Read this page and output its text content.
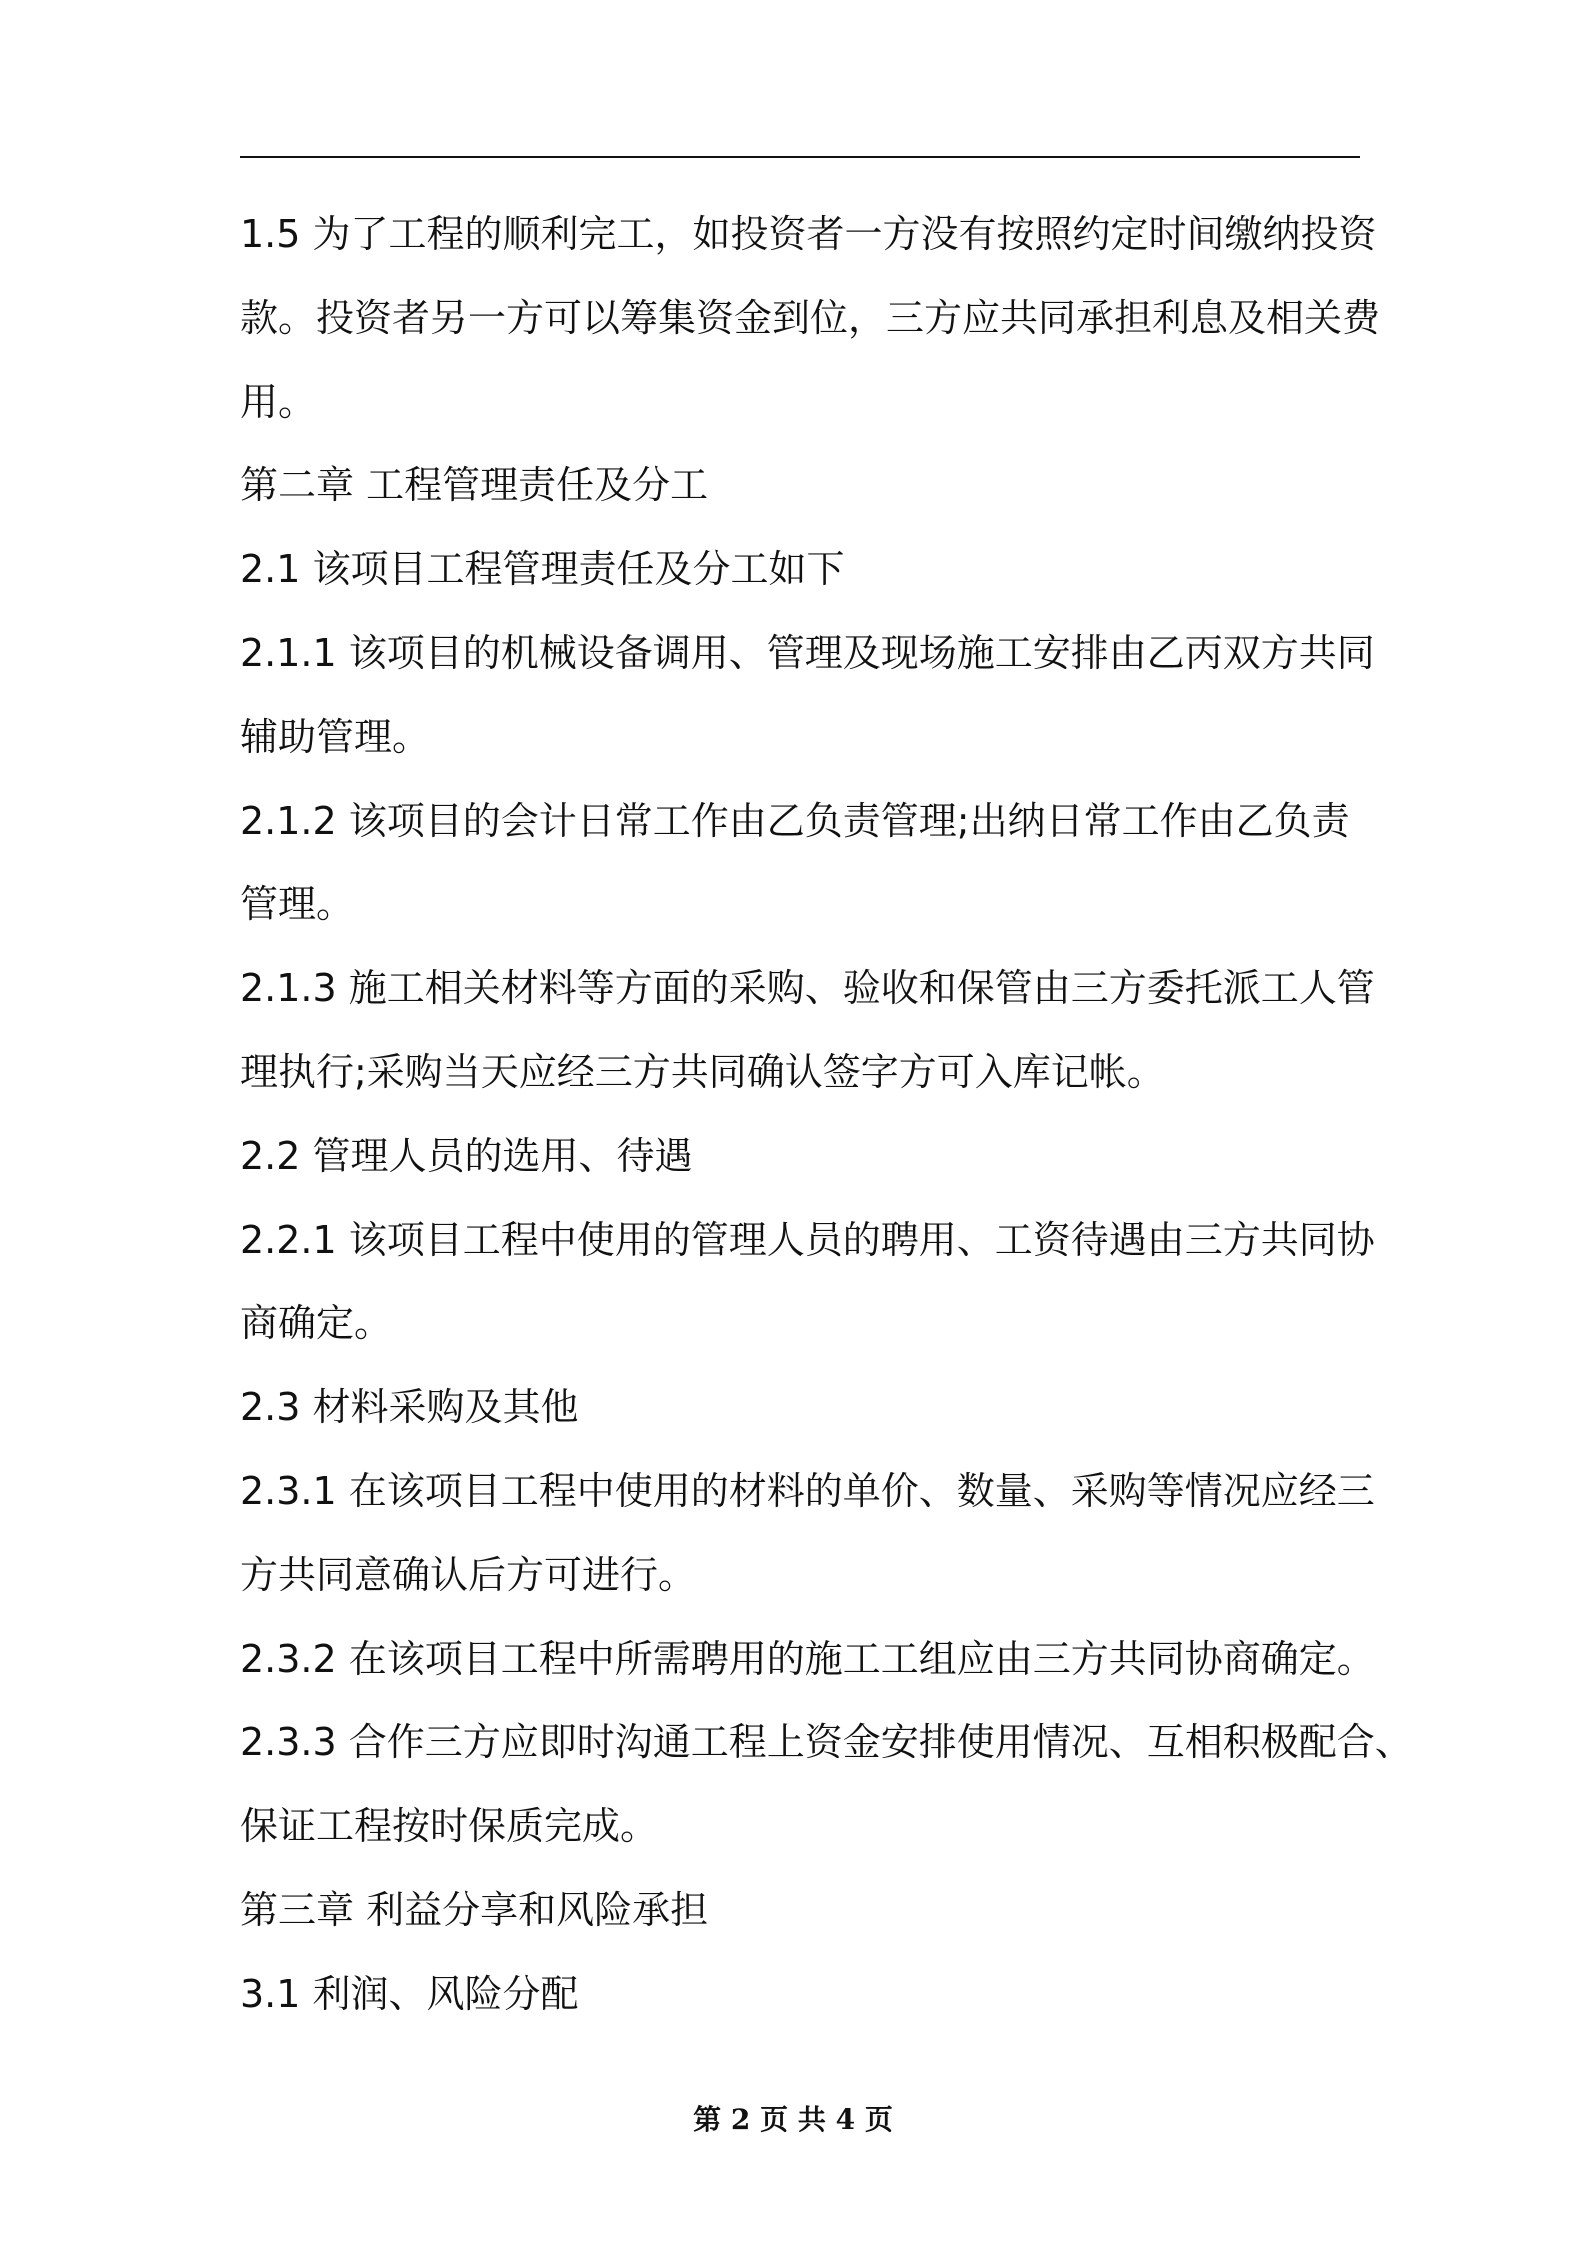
1.5 为了工程的顺利完工，如投资者一方没有按照约定时间缴纳投资

款。投资者另一方可以筹集资金到位，三方应共同承担利息及相关费

用。

第二章 工程管理责任及分工

2.1 该项目工程管理责任及分工如下

2.1.1 该项目的机械设备调用、管理及现场施工安排由乙丙双方共同

辅助管理。

2.1.2 该项目的会计日常工作由乙负责管理;出纳日常工作由乙负责

管理。

2.1.3 施工相关材料等方面的采购、验收和保管由三方委托派工人管

理执行;采购当天应经三方共同确认签字方可入库记帐。

2.2 管理人员的选用、待遇

2.2.1 该项目工程中使用的管理人员的聘用、工资待遇由三方共同协

商确定。

2.3 材料采购及其他

2.3.1 在该项目工程中使用的材料的单价、数量、采购等情况应经三

方共同意确认后方可进行。

2.3.2 在该项目工程中所需聘用的施工工组应由三方共同协商确定。

2.3.3 合作三方应即时沟通工程上资金安排使用情况、互相积极配合、

保证工程按时保质完成。

第三章 利益分享和风险承担

3.1 利润、风险分配

第 2 页 共 4 页
